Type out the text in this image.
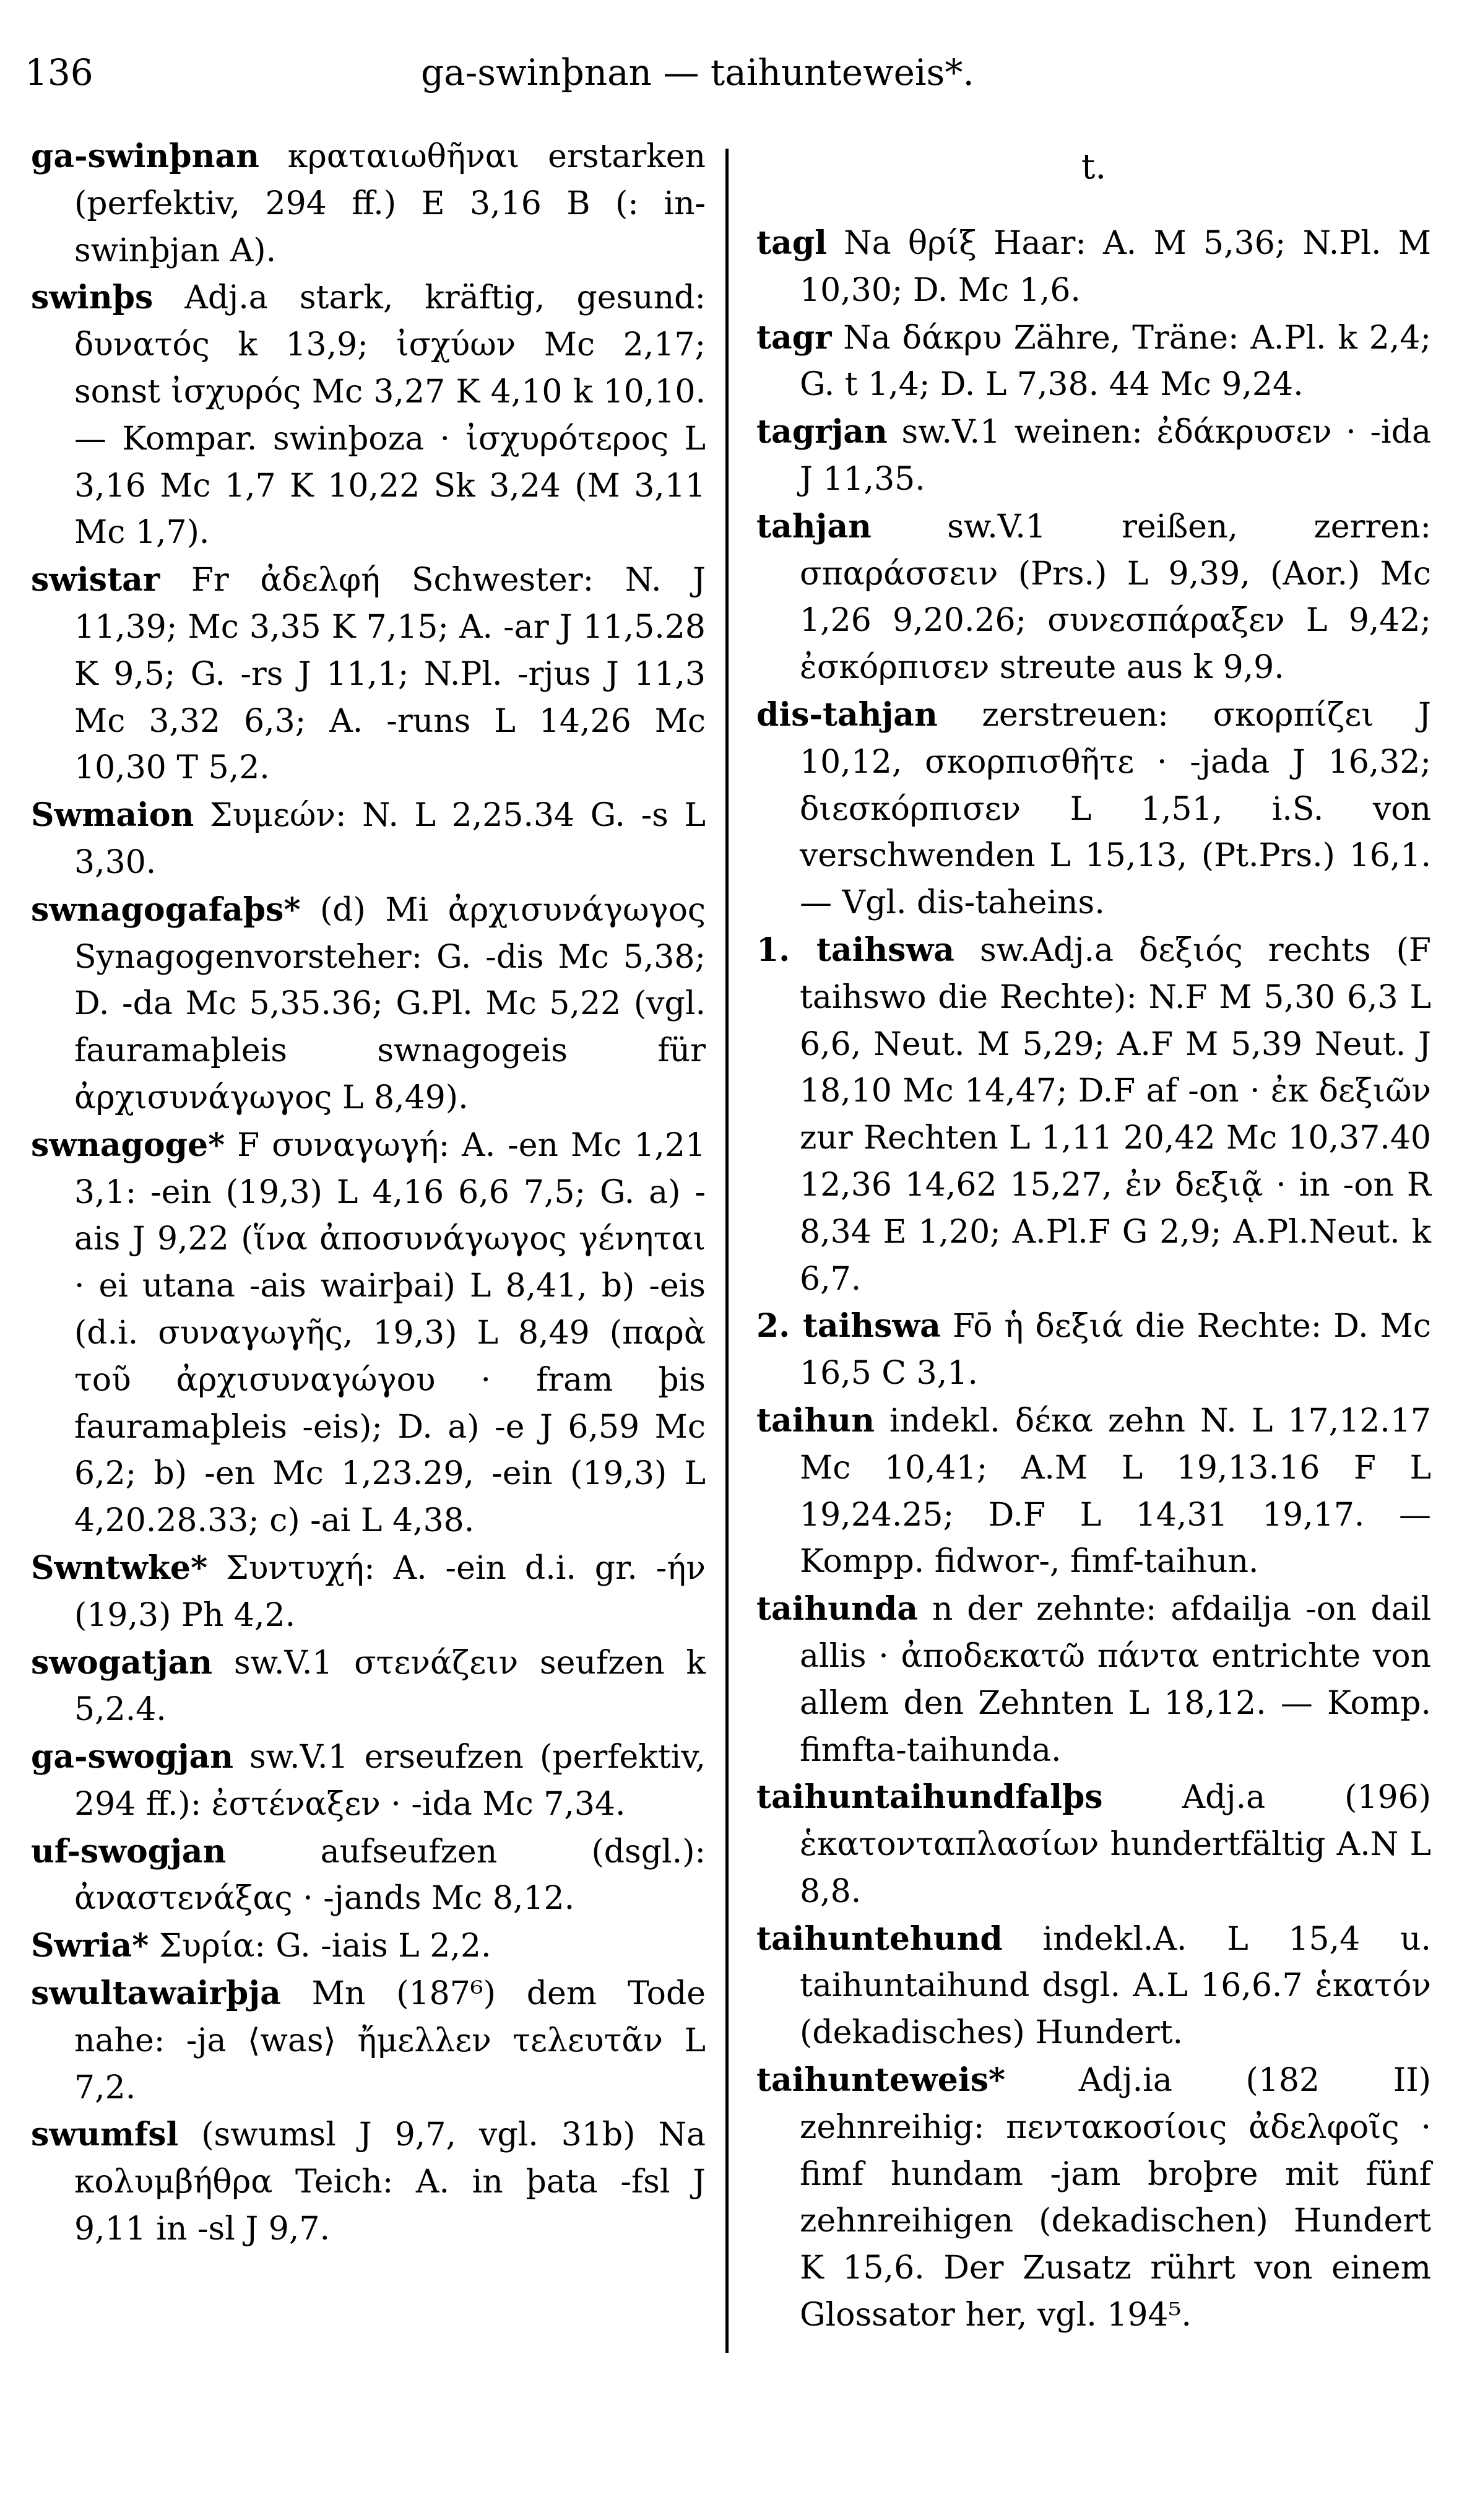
136	ga-swinþnan — taihunteweis*.

ga-swinþnan κραταιωθῆναι erstarken (perfektiv, 294 ff.) E 3,16 B (: in-swinþjan A).

swinþs Adj.a stark, kräftig, gesund: δυνατός k 13,9; ἰσχύων Mc 2,17; sonst ἰσχυρός Mc 3,27 K 4,10 k 10,10. — Kompar. swinþoza · ἰσχυρότερος L 3,16 Mc 1,7 K 10,22 Sk 3,24 (M 3,11 Mc 1,7).

swistar Fr ἀδελφή Schwester: N. J 11,39; Mc 3,35 K 7,15; A. -ar J 11,5.28 K 9,5; G. -rs J 11,1; N.Pl. -rjus J 11,3 Mc 3,32 6,3; A. -runs L 14,26 Mc 10,30 T 5,2.

Swmaion Συμεών: N. L 2,25.34 G. -s L 3,30.

swnagogafaþs* (d) Mi ἀρχισυνάγωγος Synagogenvorsteher: G. -dis Mc 5,38; D. -da Mc 5,35.36; G.Pl. Mc 5,22 (vgl. fauramaþleis swnagogeis für ἀρχισυνάγωγος L 8,49).

swnagoge* F συναγωγή: A. -en Mc 1,21 3,1: -ein (19,3) L 4,16 6,6 7,5; G. a) -ais J 9,22 (ἵνα ἀποσυνάγωγος γένηται · ei utana -ais wairþai) L 8,41, b) -eis (d.i. συναγωγῆς, 19,3) L 8,49 (παρὰ τοῦ ἀρχισυναγώγου · fram þis fauramaþleis -eis); D. a) -e J 6,59 Mc 6,2; b) -en Mc 1,23.29, -ein (19,3) L 4,20.28.33; c) -ai L 4,38.

Swntwke* Συντυχή: A. -ein d.i. gr. -ήν (19,3) Ph 4,2.

swogatjan sw.V.1 στενάζειν seufzen k 5,2.4.

ga-swogjan sw.V.1 erseufzen (perfektiv, 294 ff.): ἐστέναξεν · -ida Mc 7,34.

uf-swogjan aufseufzen (dsgl.): ἀναστενάξας · -jands Mc 8,12.

Swria* Συρία: G. -iais L 2,2.

swultawairþja Mn (187⁶) dem Tode nahe: -ja ⟨was⟩ ἤμελλεν τελευτᾶν L 7,2.

swumfsl (swumsl J 9,7, vgl. 31b) Na κολυμβήθρα Teich: A. in þata -fsl J 9,11 in -sl J 9,7.

t.

tagl Na θρίξ Haar: A. M 5,36; N.Pl. M 10,30; D. Mc 1,6.

tagr Na δάκρυ Zähre, Träne: A.Pl. k 2,4; G. t 1,4; D. L 7,38. 44 Mc 9,24.

tagrjan sw.V.1 weinen: ἐδάκρυσεν · -ida J 11,35.

tahjan sw.V.1 reißen, zerren: σπαράσσειν (Prs.) L 9,39, (Aor.) Mc 1,26 9,20.26; συνεσπάραξεν L 9,42; ἐσκόρπισεν streute aus k 9,9.

dis-tahjan zerstreuen: σκορπίζει J 10,12, σκορπισθῆτε · -jada J 16,32; διεσκόρπισεν L 1,51, i.S. von verschwenden L 15,13, (Pt.Prs.) 16,1. — Vgl. dis-taheins.

1. taihswa sw.Adj.a δεξιός rechts (F taihswo die Rechte): N.F M 5,30 6,3 L 6,6, Neut. M 5,29; A.F M 5,39 Neut. J 18,10 Mc 14,47; D.F af -on · ἐκ δεξιῶν zur Rechten L 1,11 20,42 Mc 10,37.40 12,36 14,62 15,27, ἐν δεξιᾷ · in -on R 8,34 E 1,20; A.Pl.F G 2,9; A.Pl.Neut. k 6,7.

2. taihswa Fō ἡ δεξιά die Rechte: D. Mc 16,5 C 3,1.

taihun indekl. δέκα zehn N. L 17,12.17 Mc 10,41; A.M L 19,13.16 F L 19,24.25; D.F L 14,31 19,17. — Kompp. fidwor-, fimf-taihun.

taihunda n der zehnte: afdailja -on dail allis · ἀποδεκατῶ πάντα entrichte von allem den Zehnten L 18,12. — Komp. fimfta-taihunda.

taihuntaihundfalþs Adj.a (196) ἑκατονταπλασίων hundertfältig A.N L 8,8.

taihuntehund indekl.A. L 15,4 u. taihuntaihund dsgl. A.L 16,6.7 ἑκατόν (dekadisches) Hundert.

taihunteweis* Adj.ia (182 II) zehnreihig: πεντακοσίοις ἀδελφοῖς · fimf hundam -jam broþre mit fünf zehnreihigen (dekadischen) Hundert K 15,6. Der Zusatz rührt von einem Glossator her, vgl. 194⁵.
